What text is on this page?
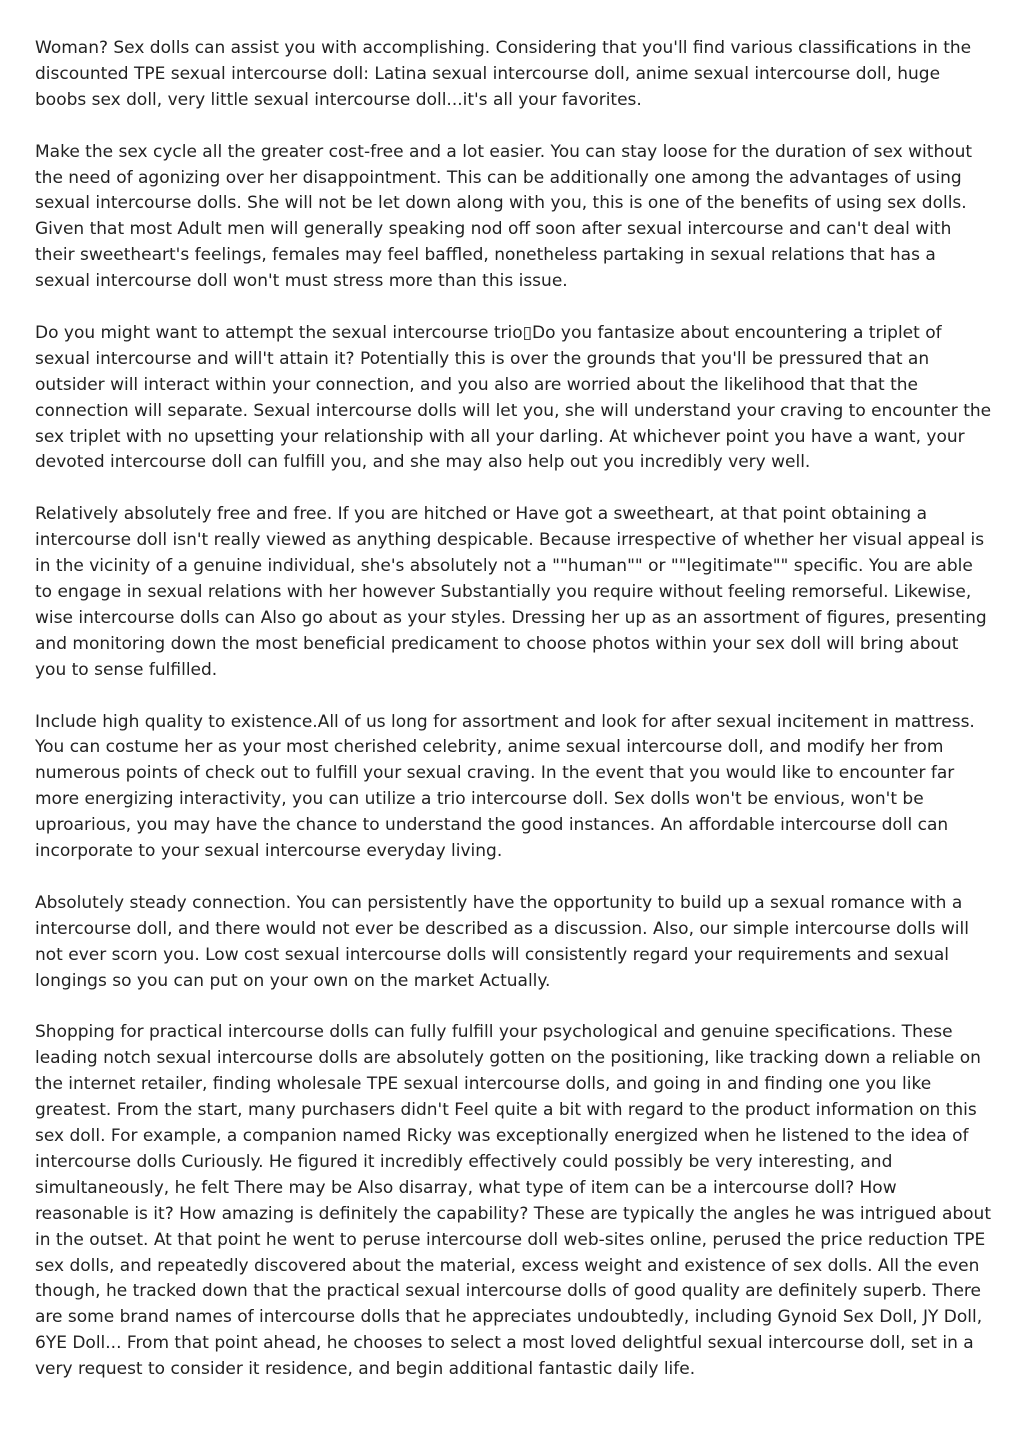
Woman? Sex dolls can assist you with accomplishing. Considering that you'll find various classifications in the discounted TPE sexual intercourse doll: Latina sexual intercourse doll, anime sexual intercourse doll, huge boobs sex doll, very little sexual intercourse doll...it's all your favorites.

Make the sex cycle all the greater cost-free and a lot easier. You can stay loose for the duration of sex without the need of agonizing over her disappointment. This can be additionally one among the advantages of using sexual intercourse dolls. She will not be let down along with you, this is one of the benefits of using sex dolls. Given that most Adult men will generally speaking nod off soon after sexual intercourse and can't deal with their sweetheart's feelings, females may feel baffled, nonetheless partaking in sexual relations that has a sexual intercourse doll won't must stress more than this issue.

Do you might want to attempt the sexual intercourse trio▯Do you fantasize about encountering a triplet of sexual intercourse and will't attain it? Potentially this is over the grounds that you'll be pressured that an outsider will interact within your connection, and you also are worried about the likelihood that that the connection will separate. Sexual intercourse dolls will let you, she will understand your craving to encounter the sex triplet with no upsetting your relationship with all your darling. At whichever point you have a want, your devoted intercourse doll can fulfill you, and she may also help out you incredibly very well.

Relatively absolutely free and free. If you are hitched or Have got a sweetheart, at that point obtaining a intercourse doll isn't really viewed as anything despicable. Because irrespective of whether her visual appeal is in the vicinity of a genuine individual, she's absolutely not a ""human"" or ""legitimate"" specific. You are able to engage in sexual relations with her however Substantially you require without feeling remorseful. Likewise, wise intercourse dolls can Also go about as your styles. Dressing her up as an assortment of figures, presenting and monitoring down the most beneficial predicament to choose photos within your sex doll will bring about you to sense fulfilled.

Include high quality to existence.All of us long for assortment and look for after sexual incitement in mattress. You can costume her as your most cherished celebrity, anime sexual intercourse doll, and modify her from numerous points of check out to fulfill your sexual craving. In the event that you would like to encounter far more energizing interactivity, you can utilize a trio intercourse doll. Sex dolls won't be envious, won't be uproarious, you may have the chance to understand the good instances. An affordable intercourse doll can incorporate to your sexual intercourse everyday living.

Absolutely steady connection. You can persistently have the opportunity to build up a sexual romance with a intercourse doll, and there would not ever be described as a discussion. Also, our simple intercourse dolls will not ever scorn you. Low cost sexual intercourse dolls will consistently regard your requirements and sexual longings so you can put on your own on the market Actually.

Shopping for practical intercourse dolls can fully fulfill your psychological and genuine specifications. These leading notch sexual intercourse dolls are absolutely gotten on the positioning, like tracking down a reliable on the internet retailer, finding wholesale TPE sexual intercourse dolls, and going in and finding one you like greatest. From the start, many purchasers didn't Feel quite a bit with regard to the product information on this sex doll. For example, a companion named Ricky was exceptionally energized when he listened to the idea of intercourse dolls Curiously. He figured it incredibly effectively could possibly be very interesting, and simultaneously, he felt There may be Also disarray, what type of item can be a intercourse doll? How reasonable is it? How amazing is definitely the capability? These are typically the angles he was intrigued about in the outset. At that point he went to peruse intercourse doll web-sites online, perused the price reduction TPE sex dolls, and repeatedly discovered about the material, excess weight and existence of sex dolls. All the even though, he tracked down that the practical sexual intercourse dolls of good quality are definitely superb. There are some brand names of intercourse dolls that he appreciates undoubtedly, including Gynoid Sex Doll, JY Doll, 6YE Doll... From that point ahead, he chooses to select a most loved delightful sexual intercourse doll, set in a very request to consider it residence, and begin additional fantastic daily life.
